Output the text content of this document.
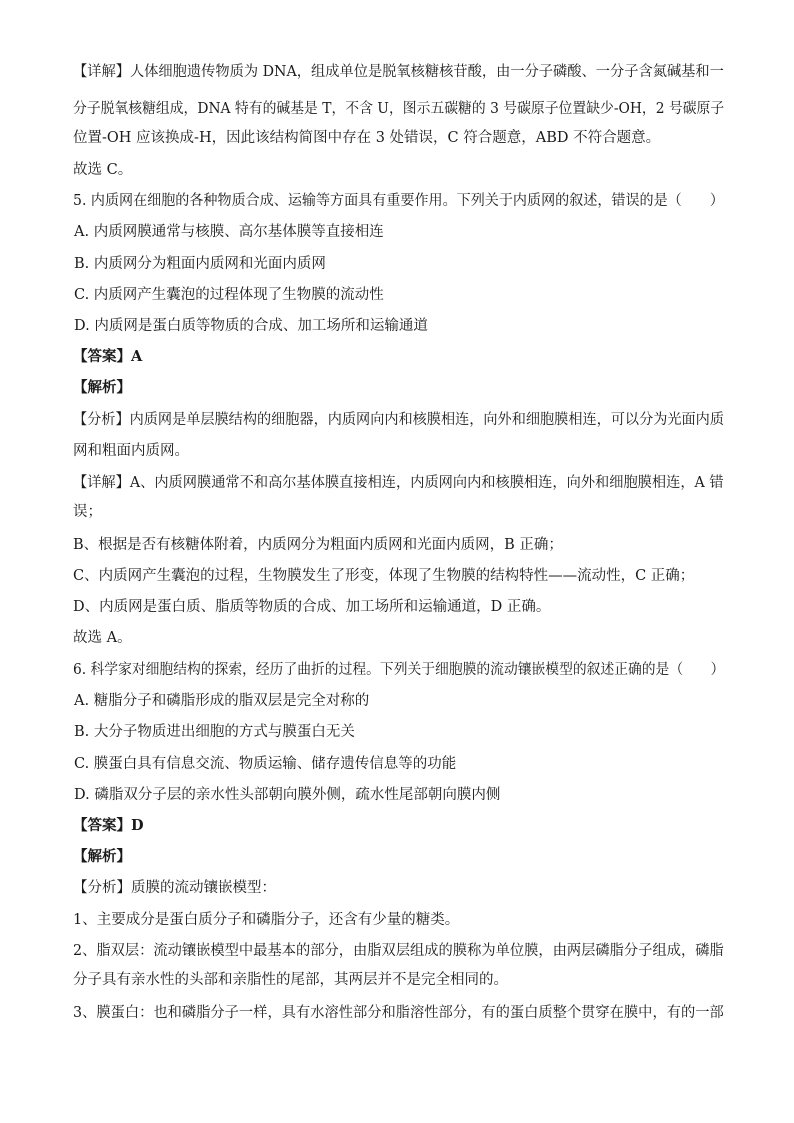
【详解】人体细胞遗传物质为 DNA，组成单位是脱氧核糖核苷酸，由一分子磷酸、一分子含氮碱基和一
分子脱氧核糖组成，DNA 特有的碱基是 T，不含 U，图示五碳糖的 3 号碳原子位置缺少-OH，2 号碳原子
位置-OH 应该换成-H，因此该结构简图中存在 3 处错误，C 符合题意，ABD 不符合题意。
故选 C。
5. 内质网在细胞的各种物质合成、运输等方面具有重要作用。下列关于内质网的叙述，错误的是（　　）
A. 内质网膜通常与核膜、高尔基体膜等直接相连
B. 内质网分为粗面内质网和光面内质网
C. 内质网产生囊泡的过程体现了生物膜的流动性
D. 内质网是蛋白质等物质的合成、加工场所和运输通道
【答案】A
【解析】
【分析】内质网是单层膜结构的细胞器，内质网向内和核膜相连，向外和细胞膜相连，可以分为光面内质
网和粗面内质网。
【详解】A、内质网膜通常不和高尔基体膜直接相连，内质网向内和核膜相连，向外和细胞膜相连，A 错
误；
B、根据是否有核糖体附着，内质网分为粗面内质网和光面内质网，B 正确；
C、内质网产生囊泡的过程，生物膜发生了形变，体现了生物膜的结构特性——流动性，C 正确；
D、内质网是蛋白质、脂质等物质的合成、加工场所和运输通道，D 正确。
故选 A。
6. 科学家对细胞结构的探索，经历了曲折的过程。下列关于细胞膜的流动镶嵌模型的叙述正确的是（　　）
A. 糖脂分子和磷脂形成的脂双层是完全对称的
B. 大分子物质进出细胞的方式与膜蛋白无关
C. 膜蛋白具有信息交流、物质运输、储存遗传信息等的功能
D. 磷脂双分子层的亲水性头部朝向膜外侧，疏水性尾部朝向膜内侧
【答案】D
【解析】
【分析】质膜的流动镶嵌模型：
1、主要成分是蛋白质分子和磷脂分子，还含有少量的糖类。
2、脂双层：流动镶嵌模型中最基本的部分，由脂双层组成的膜称为单位膜，由两层磷脂分子组成，磷脂
分子具有亲水性的头部和亲脂性的尾部，其两层并不是完全相同的。
3、膜蛋白：也和磷脂分子一样，具有水溶性部分和脂溶性部分，有的蛋白质整个贯穿在膜中，有的一部
